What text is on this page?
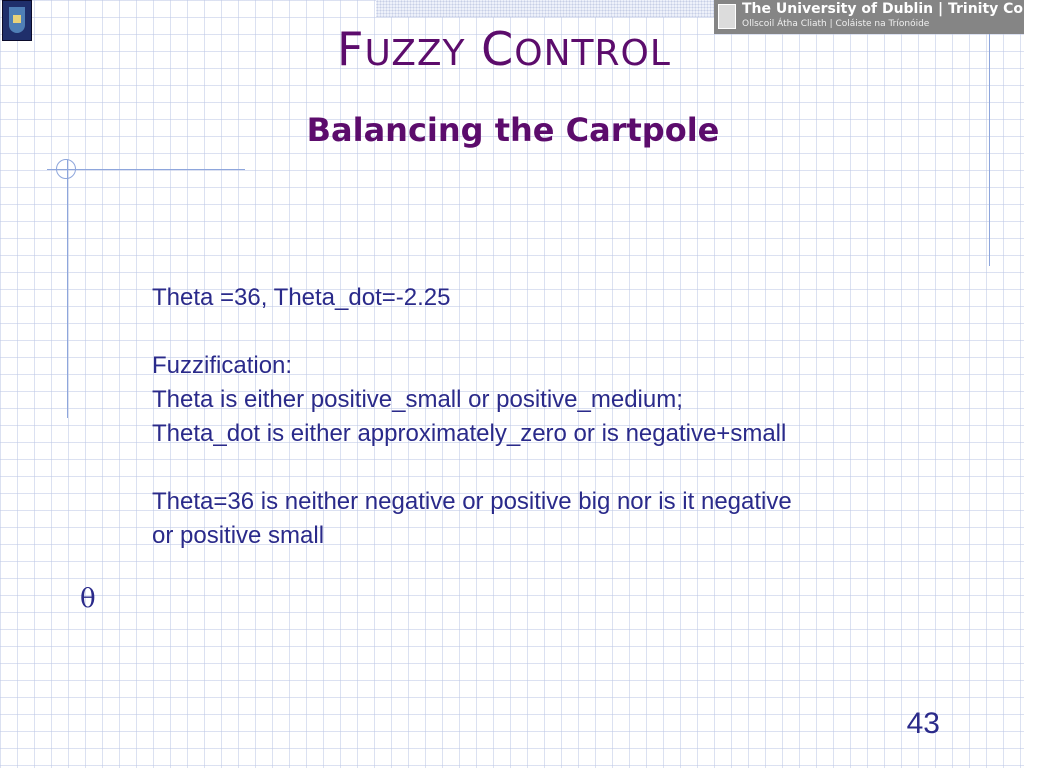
The University of Dublin | Trinity College
Ollscoil Átha Cliath | Coláiste na Tríonóide
FUZZY CONTROL
Balancing the Cartpole

Theta =36, Theta_dot=-2.25

Fuzzification:

Theta is either positive_small or positive_medium;

Theta_dot is either approximately_zero or is negative+small

Theta=36 is neither negative or positive big nor is it negative

or positive small

θ
43
